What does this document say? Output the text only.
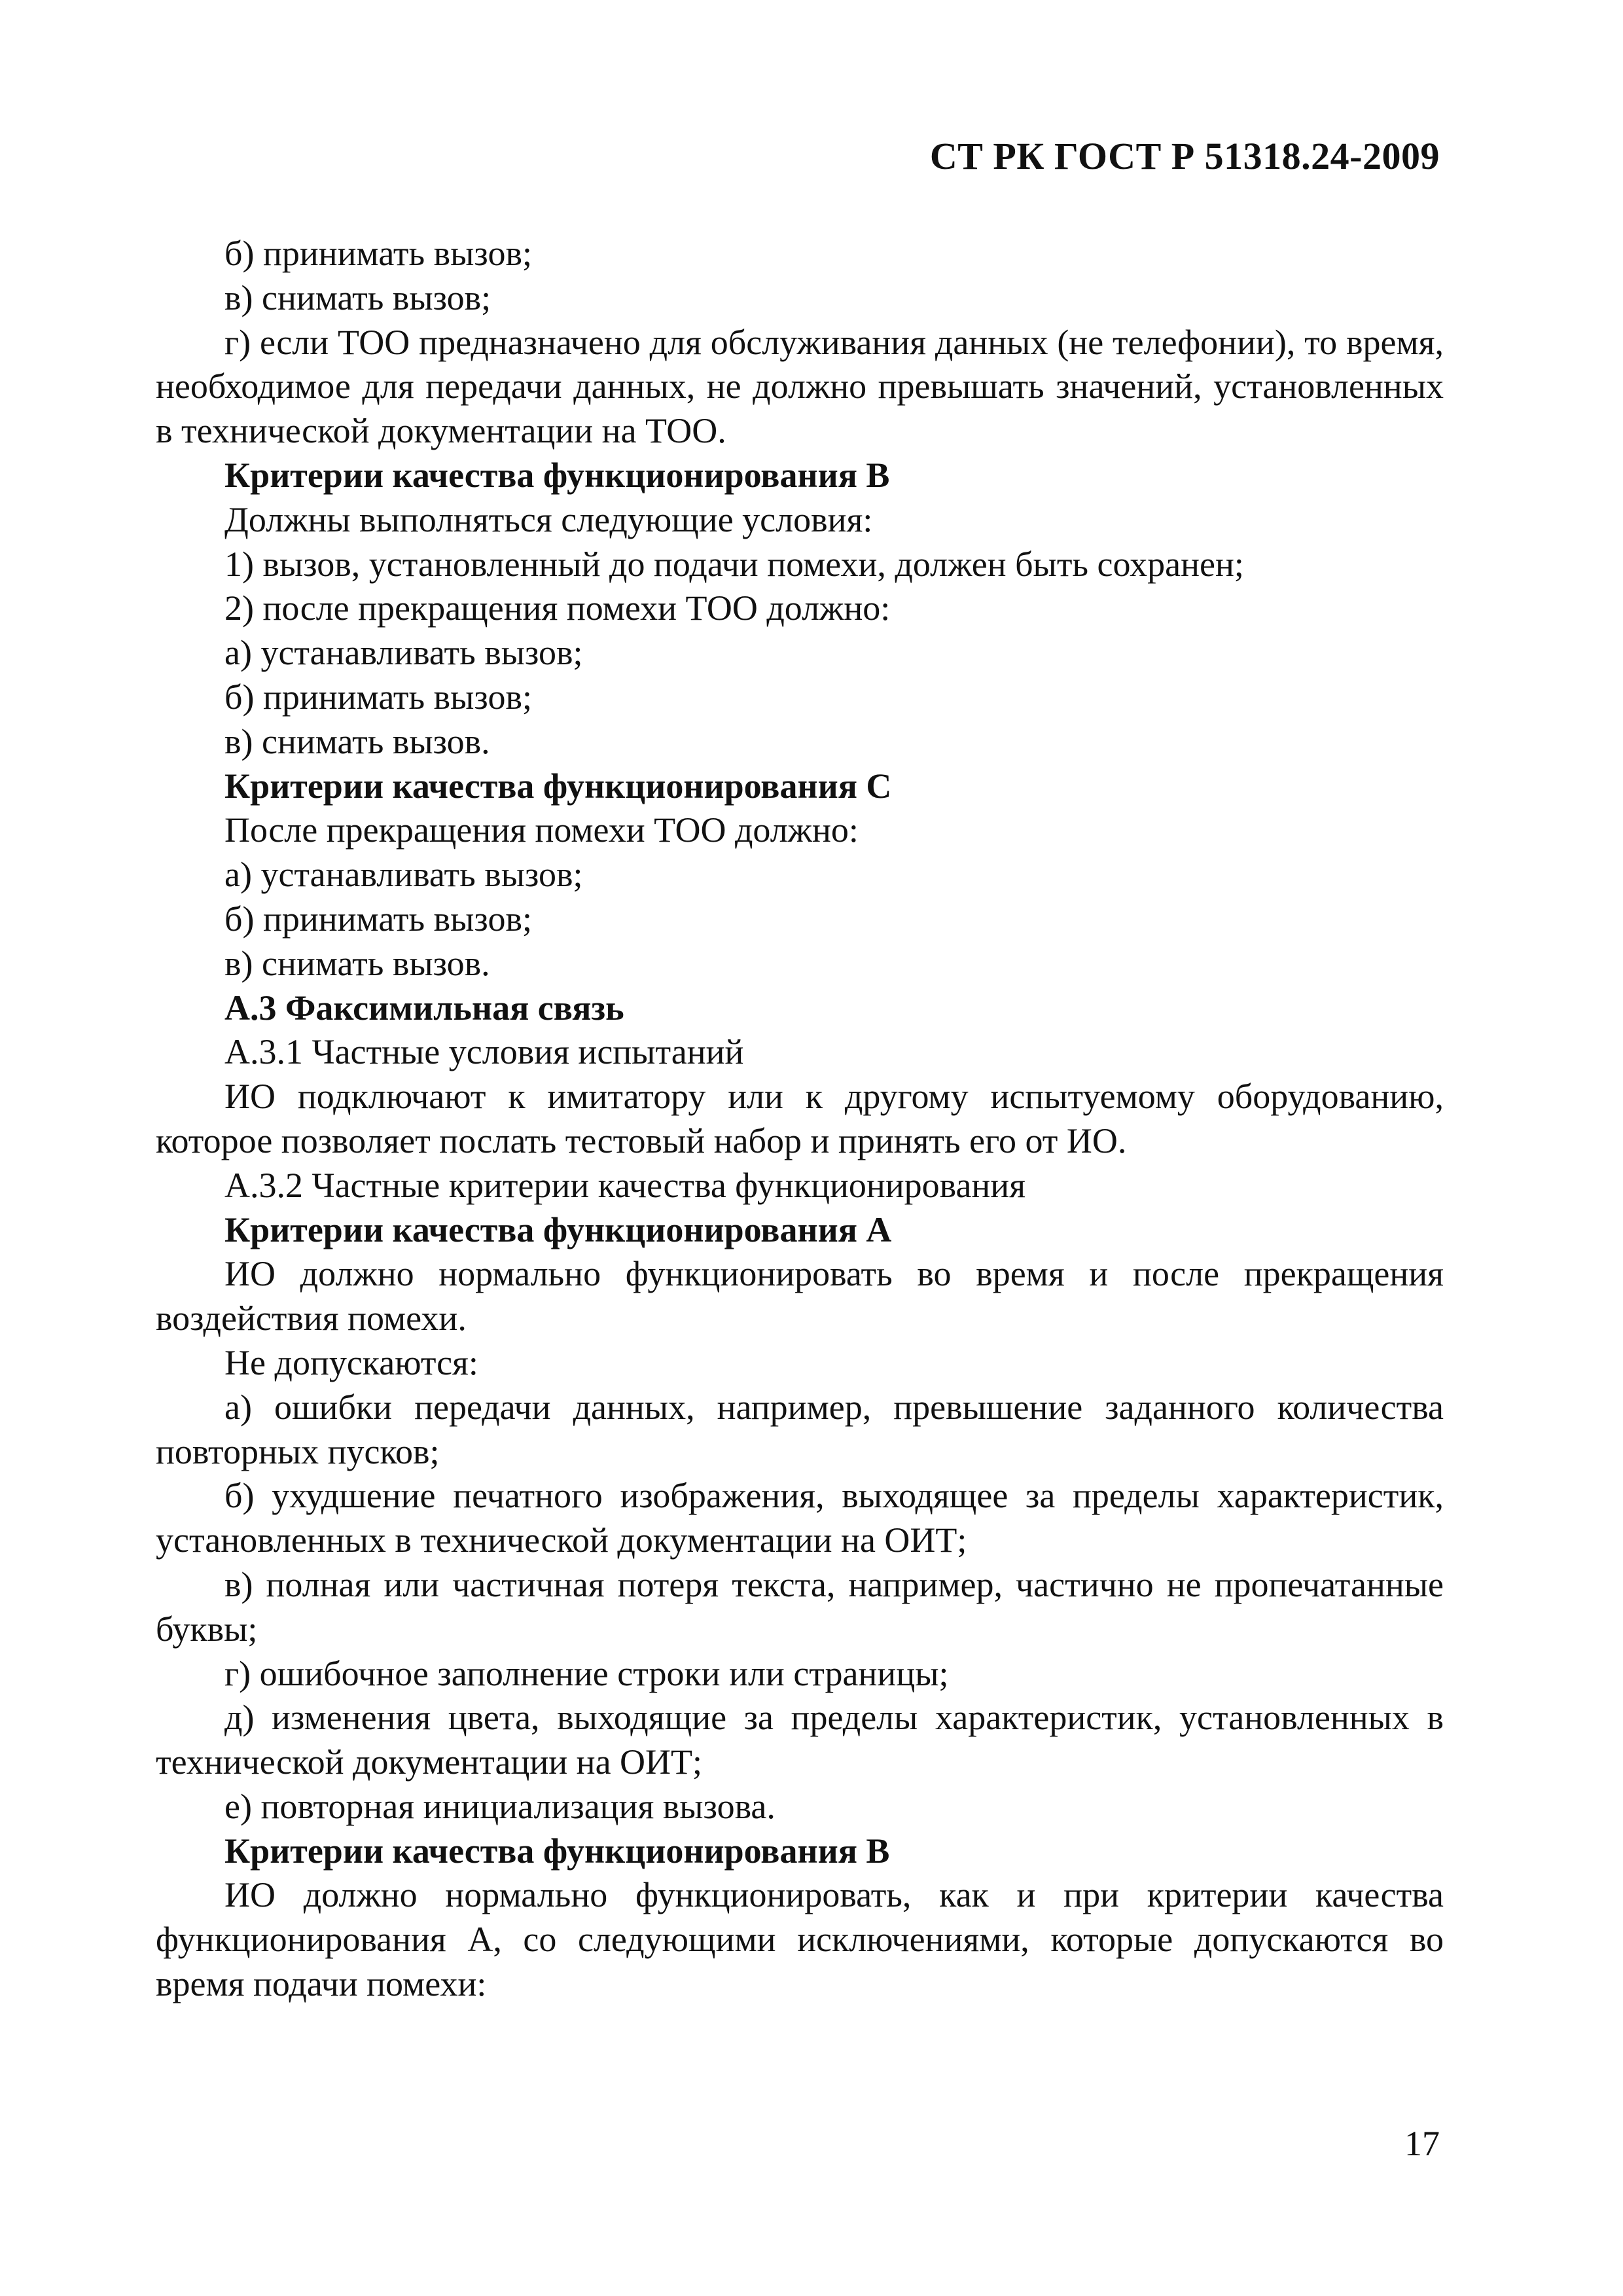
СТ РК ГОСТ Р 51318.24-2009

б) принимать вызов;

в) снимать вызов;

г) если ТОО предназначено для обслуживания данных (не телефонии), то время, необходимое для передачи данных, не должно превышать значений, установленных в технической документации на ТОО.

Критерии качества функционирования В

Должны выполняться следующие условия:

1) вызов, установленный до подачи помехи, должен быть сохранен;

2) после прекращения помехи ТОО должно:

а) устанавливать вызов;

б) принимать вызов;

в) снимать вызов.

Критерии качества функционирования С

После прекращения помехи ТОО должно:

а) устанавливать вызов;

б) принимать вызов;

в) снимать вызов.

А.3 Факсимильная связь

А.3.1 Частные условия испытаний

ИО подключают к имитатору или к другому испытуемому оборудованию, которое позволяет послать тестовый набор и принять его от ИО.

А.3.2 Частные критерии качества функционирования

Критерии качества функционирования А

ИО должно нормально функционировать во время и после прекращения воздействия помехи.

Не допускаются:

а) ошибки передачи данных, например, превышение заданного количества повторных пусков;

б) ухудшение печатного изображения, выходящее за пределы характеристик, установленных в технической документации на ОИТ;

в) полная или частичная потеря текста, например, частично не пропечатанные буквы;

г) ошибочное заполнение строки или страницы;

д) изменения цвета, выходящие за пределы характеристик, установленных в технической документации на ОИТ;

е) повторная инициализация вызова.

Критерии качества функционирования В

ИО должно нормально функционировать, как и при критерии качества функционирования А, со следующими исключениями, которые допускаются во время подачи помехи:

17
